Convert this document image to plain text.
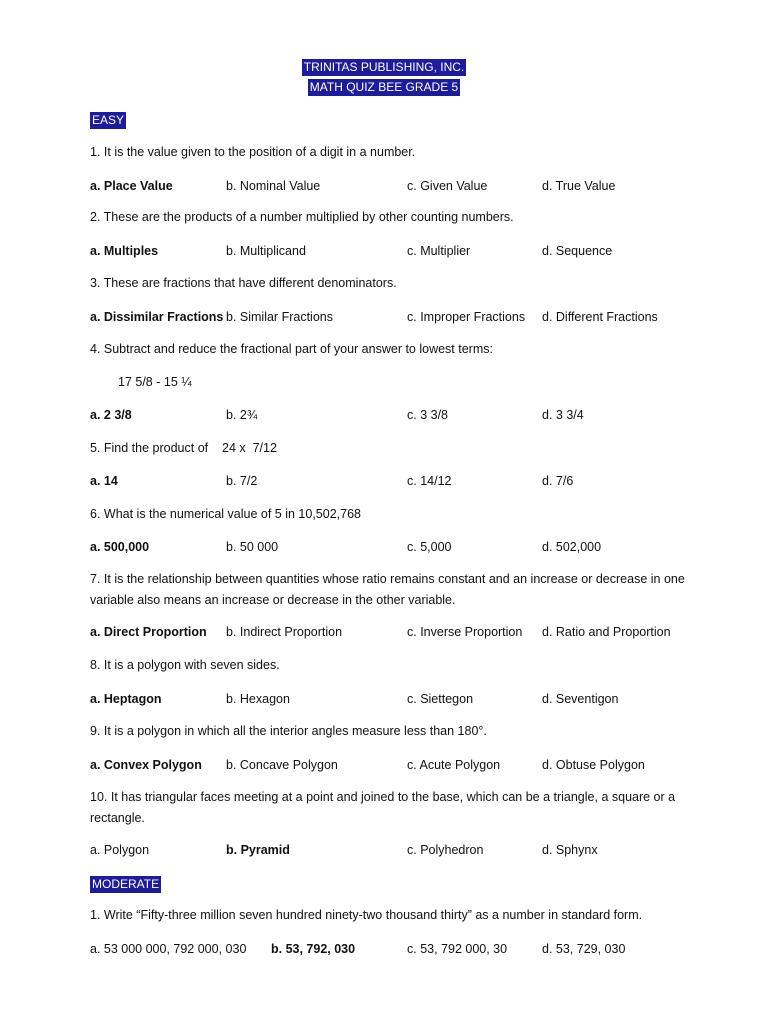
TRINITAS PUBLISHING, INC.
MATH QUIZ BEE GRADE 5
EASY
1. It is the value given to the position of a digit in a number.
a. Place Value	b. Nominal Value	c. Given Value	d. True Value
2. These are the products of a number multiplied by other counting numbers.
a. Multiples	b. Multiplicand	c. Multiplier	d. Sequence
3. These are fractions that have different denominators.
a. Dissimilar Fractions b. Similar Fractions	c. Improper Fractions d. Different Fractions
4. Subtract and reduce the fractional part of your answer to lowest terms:
17 5/8 - 15 ¼
a. 2 3/8	b. 2¾	c. 3 3/8	d. 3 3/4
5. Find the product of    24 x  7/12
a. 14	b. 7/2	c. 14/12	d. 7/6
6. What is the numerical value of 5 in 10,502,768
a. 500,000	b. 50 000	c. 5,000	d. 502,000
7. It is the relationship between quantities whose ratio remains constant and an increase or decrease in one variable also means an increase or decrease in the other variable.
a. Direct Proportion b. Indirect Proportion	c. Inverse Proportion d. Ratio and Proportion
8. It is a polygon with seven sides.
a. Heptagon	b. Hexagon	c. Siettegon	d. Seventigon
9. It is a polygon in which all the interior angles measure less than 180°.
a. Convex Polygon b. Concave Polygon	c. Acute Polygon	d. Obtuse Polygon
10. It has triangular faces meeting at a point and joined to the base, which can be a triangle, a square or a rectangle.
a. Polygon	b. Pyramid	c. Polyhedron	d. Sphynx
MODERATE
1. Write “Fifty-three million seven hundred ninety-two thousand thirty” as a number in standard form.
a. 53 000 000, 792 000, 030 b. 53, 792, 030	c. 53, 792 000, 30	d. 53, 729, 030
